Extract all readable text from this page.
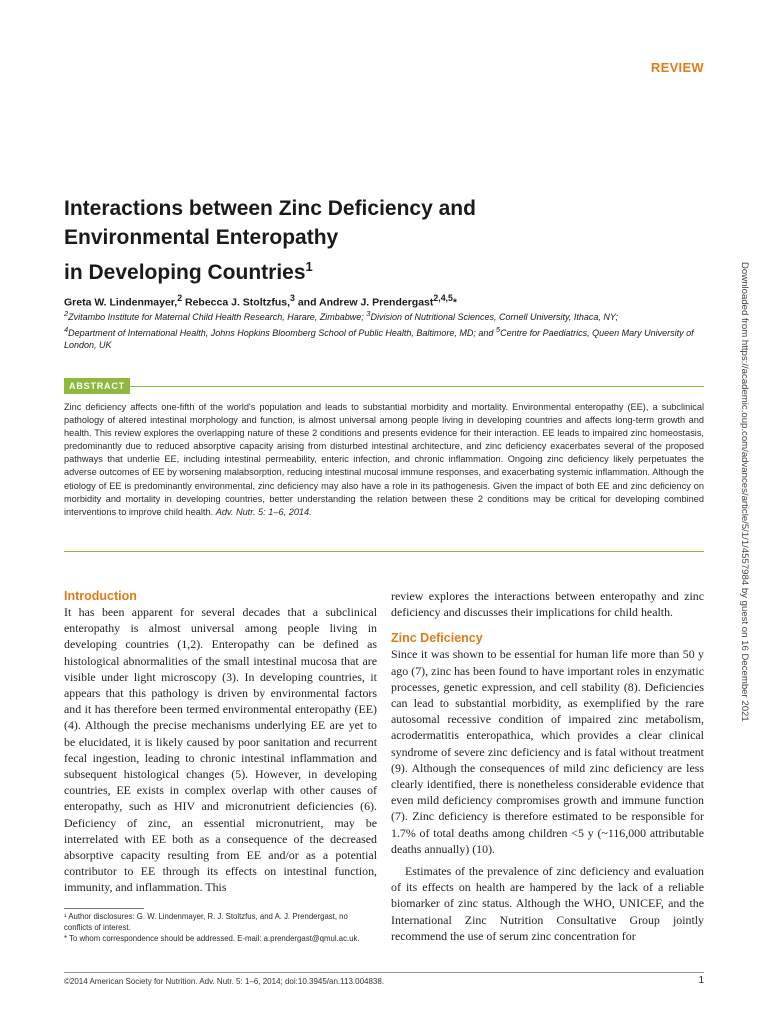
REVIEW
Interactions between Zinc Deficiency and
Environmental Enteropathy
in Developing Countries$^1$
Greta W. Lindenmayer,$^2$ Rebecca J. Stoltzfus,$^3$ and Andrew J. Prendergast$^{2,4,5}$*
$^2$Zvitambo Institute for Maternal Child Health Research, Harare, Zimbabwe; $^3$Division of Nutritional Sciences, Cornell University, Ithaca, NY;
$^4$Department of International Health, Johns Hopkins Bloomberg School of Public Health, Baltimore, MD; and $^5$Centre for Paediatrics, Queen Mary University of London, UK
ABSTRACT
Zinc deficiency affects one-fifth of the world's population and leads to substantial morbidity and mortality. Environmental enteropathy (EE), a subclinical pathology of altered intestinal morphology and function, is almost universal among people living in developing countries and affects long-term growth and health. This review explores the overlapping nature of these 2 conditions and presents evidence for their interaction. EE leads to impaired zinc homeostasis, predominantly due to reduced absorptive capacity arising from disturbed intestinal architecture, and zinc deficiency exacerbates several of the proposed pathways that underlie EE, including intestinal permeability, enteric infection, and chronic inflammation. Ongoing zinc deficiency likely perpetuates the adverse outcomes of EE by worsening malabsorption, reducing intestinal mucosal immune responses, and exacerbating systemic inflammation. Although the etiology of EE is predominantly environmental, zinc deficiency may also have a role in its pathogenesis. Given the impact of both EE and zinc deficiency on morbidity and mortality in developing countries, better understanding the relation between these 2 conditions may be critical for developing combined interventions to improve child health. Adv. Nutr. 5: 1–6, 2014.
Introduction

It has been apparent for several decades that a subclinical enteropathy is almost universal among people living in developing countries (1,2). Enteropathy can be defined as histological abnormalities of the small intestinal mucosa that are visible under light microscopy (3). In developing countries, it appears that this pathology is driven by environmental factors and it has therefore been termed environmental enteropathy (EE) (4). Although the precise mechanisms underlying EE are yet to be elucidated, it is likely caused by poor sanitation and recurrent fecal ingestion, leading to chronic intestinal inflammation and subsequent histological changes (5). However, in developing countries, EE exists in complex overlap with other causes of enteropathy, such as HIV and micronutrient deficiencies (6). Deficiency of zinc, an essential micronutrient, may be interrelated with EE both as a consequence of the decreased absorptive capacity resulting from EE and/or as a potential contributor to EE through its effects on intestinal function, immunity, and inflammation. This

review explores the interactions between enteropathy and zinc deficiency and discusses their implications for child health.

Zinc Deficiency

Since it was shown to be essential for human life more than 50 y ago (7), zinc has been found to have important roles in enzymatic processes, genetic expression, and cell stability (8). Deficiencies can lead to substantial morbidity, as exemplified by the rare autosomal recessive condition of impaired zinc metabolism, acrodermatitis enteropathica, which provides a clear clinical syndrome of severe zinc deficiency and is fatal without treatment (9). Although the consequences of mild zinc deficiency are less clearly identified, there is nonetheless considerable evidence that even mild deficiency compromises growth and immune function (7). Zinc deficiency is therefore estimated to be responsible for 1.7% of total deaths among children <5 y (~116,000 attributable deaths annually) (10).

Estimates of the prevalence of zinc deficiency and evaluation of its effects on health are hampered by the lack of a reliable biomarker of zinc status. Although the WHO, UNICEF, and the International Zinc Nutrition Consultative Group jointly recommend the use of serum zinc concentration for

¹ Author disclosures: G. W. Lindenmayer, R. J. Stoltzfus, and A. J. Prendergast, no conflicts of interest.

* To whom correspondence should be addressed. E-mail: a.prendergast@qmul.ac.uk.

©2014 American Society for Nutrition. Adv. Nutr. 5: 1–6, 2014; doi:10.3945/an.113.004838.	1
Downloaded from https://academic.oup.com/advances/article/5/1/1/4557984 by guest on 16 December 2021
